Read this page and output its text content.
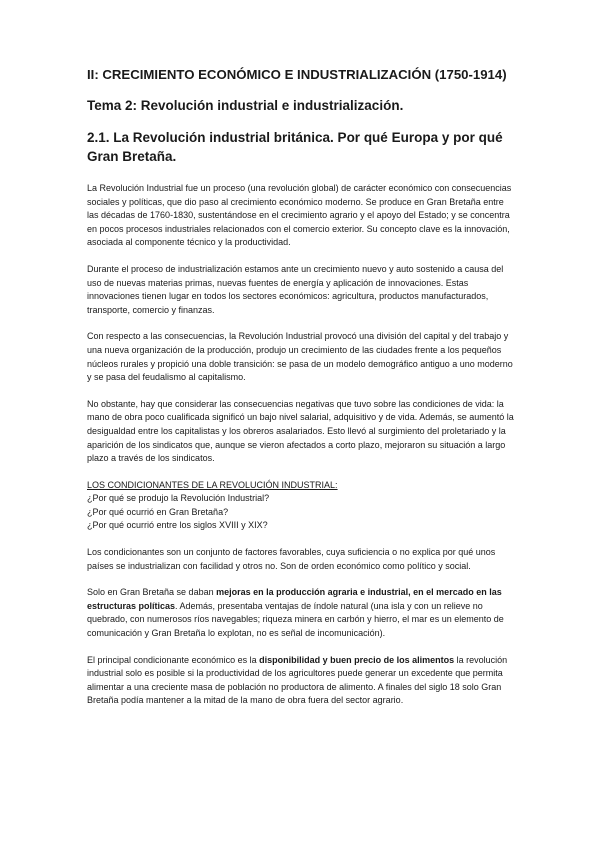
II: CRECIMIENTO ECONÓMICO E INDUSTRIALIZACIÓN (1750-1914)
Tema 2: Revolución industrial e industrialización.
2.1. La Revolución industrial británica. Por qué Europa y por qué Gran Bretaña.

La Revolución Industrial fue un proceso (una revolución global) de carácter económico con consecuencias sociales y políticas, que dio paso al crecimiento económico moderno. Se produce en Gran Bretaña entre las décadas de 1760-1830, sustentándose en el crecimiento agrario y el apoyo del Estado; y se concentra en pocos procesos industriales relacionados con el comercio exterior. Su concepto clave es la innovación, asociada al componente técnico y la productividad.

Durante el proceso de industrialización estamos ante un crecimiento nuevo y auto sostenido a causa del uso de nuevas materias primas, nuevas fuentes de energía y aplicación de innovaciones. Estas innovaciones tienen lugar en todos los sectores económicos: agricultura, productos manufacturados, transporte, comercio y finanzas.

Con respecto a las consecuencias, la Revolución Industrial provocó una división del capital y del trabajo y una nueva organización de la producción, produjo un crecimiento de las ciudades frente a los pequeños núcleos rurales y propició una doble transición: se pasa de un modelo demográfico antiguo a uno moderno y se pasa del feudalismo al capitalismo.

No obstante, hay que considerar las consecuencias negativas que tuvo sobre las condiciones de vida: la mano de obra poco cualificada significó un bajo nivel salarial, adquisitivo y de vida. Además, se aumentó la desigualdad entre los capitalistas y los obreros asalariados. Esto llevó al surgimiento del proletariado y la aparición de los sindicatos que, aunque se vieron afectados a corto plazo, mejoraron su situación a largo plazo a través de los sindicatos.

LOS CONDICIONANTES DE LA REVOLUCIÓN INDUSTRIAL:
¿Por qué se produjo la Revolución Industrial?
¿Por qué ocurrió en Gran Bretaña?
¿Por qué ocurrió entre los siglos XVIII y XIX?

Los condicionantes son un conjunto de factores favorables, cuya suficiencia o no explica por qué unos países se industrializan con facilidad y otros no. Son de orden económico como político y social.

Solo en Gran Bretaña se daban mejoras en la producción agraria e industrial, en el mercado en las estructuras políticas. Además, presentaba ventajas de índole natural (una isla y con un relieve no quebrado, con numerosos ríos navegables; riqueza minera en carbón y hierro, el mar es un elemento de comunicación y Gran Bretaña lo explotan, no es señal de incomunicación).

El principal condicionante económico es la disponibilidad y buen precio de los alimentos la revolución industrial solo es posible si la productividad de los agricultores puede generar un excedente que permita alimentar a una creciente masa de población no productora de alimento. A finales del siglo 18 solo Gran Bretaña podía mantener a la mitad de la mano de obra fuera del sector agrario.
